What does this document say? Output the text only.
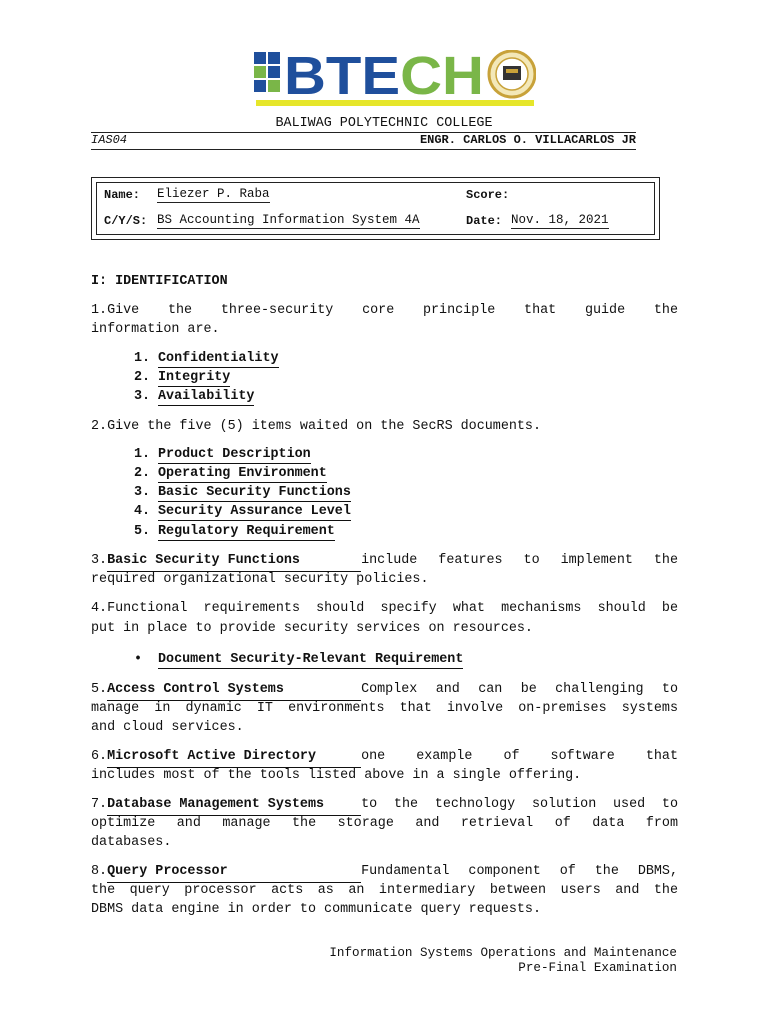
BTECH
BALIWAG POLYTECHNIC COLLEGE
IAS04	ENGR. CARLOS O. VILLACARLOS JR
Name: Eliezer P. Raba	Score:
C/Y/S: BS Accounting Information System 4A	Date: Nov. 18, 2021
I: IDENTIFICATION
1.Give the three-security core principle that guide the
information are.
1. Confidentiality
2. Integrity
3. Availability
2.Give the five (5) items waited on the SecRS documents.
1. Product Description
2. Operating Environment
3. Basic Security Functions
4. Security Assurance Level
5. Regulatory Requirement
3.Basic Security Functions	include features to implement the
required organizational security policies.
4.Functional requirements should specify what mechanisms should be
put in place to provide security services on resources.
• Document Security-Relevant Requirement
5.Access Control Systems	Complex and can be challenging to
manage in dynamic IT environments that involve on-premises systems
and cloud services.
6.Microsoft Active Directory	one example of software that
includes most of the tools listed above in a single offering.
7.Database Management Systems	to the technology solution used to
optimize and manage the storage and retrieval of data from
databases.
8.Query Processor	Fundamental component of the DBMS,
the query processor acts as an intermediary between users and the
DBMS data engine in order to communicate query requests.
Information Systems Operations and Maintenance
Pre-Final Examination
